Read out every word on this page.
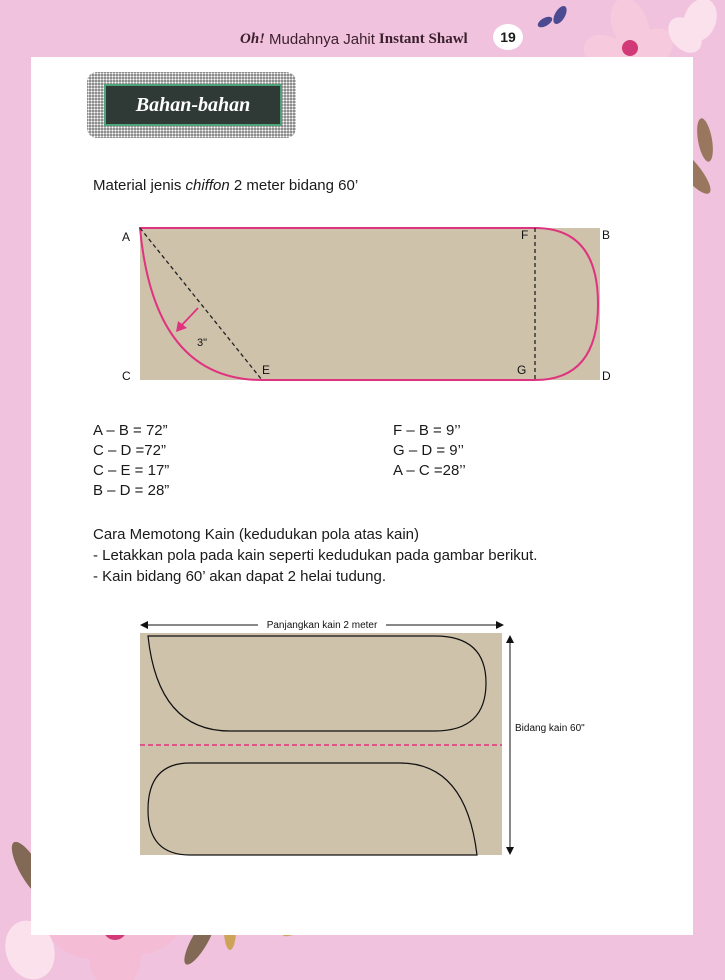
Oh! Mudahnya Jahit Instant Shawl	19
Bahan-bahan
Material jenis chiffon 2 meter bidang 60’
A	B
C	D
E
F
G
3"
A – B = 72”
C – D =72”
C – E = 17”
B – D = 28”
F – B = 9’’
G – D = 9’’
A – C =28’’
Cara Memotong Kain (kedudukan pola atas kain)
- Letakkan pola pada kain seperti kedudukan pada gambar berikut.
- Kain bidang 60’ akan dapat 2 helai tudung.
Panjangkan kain 2 meter
Bidang kain 60"
